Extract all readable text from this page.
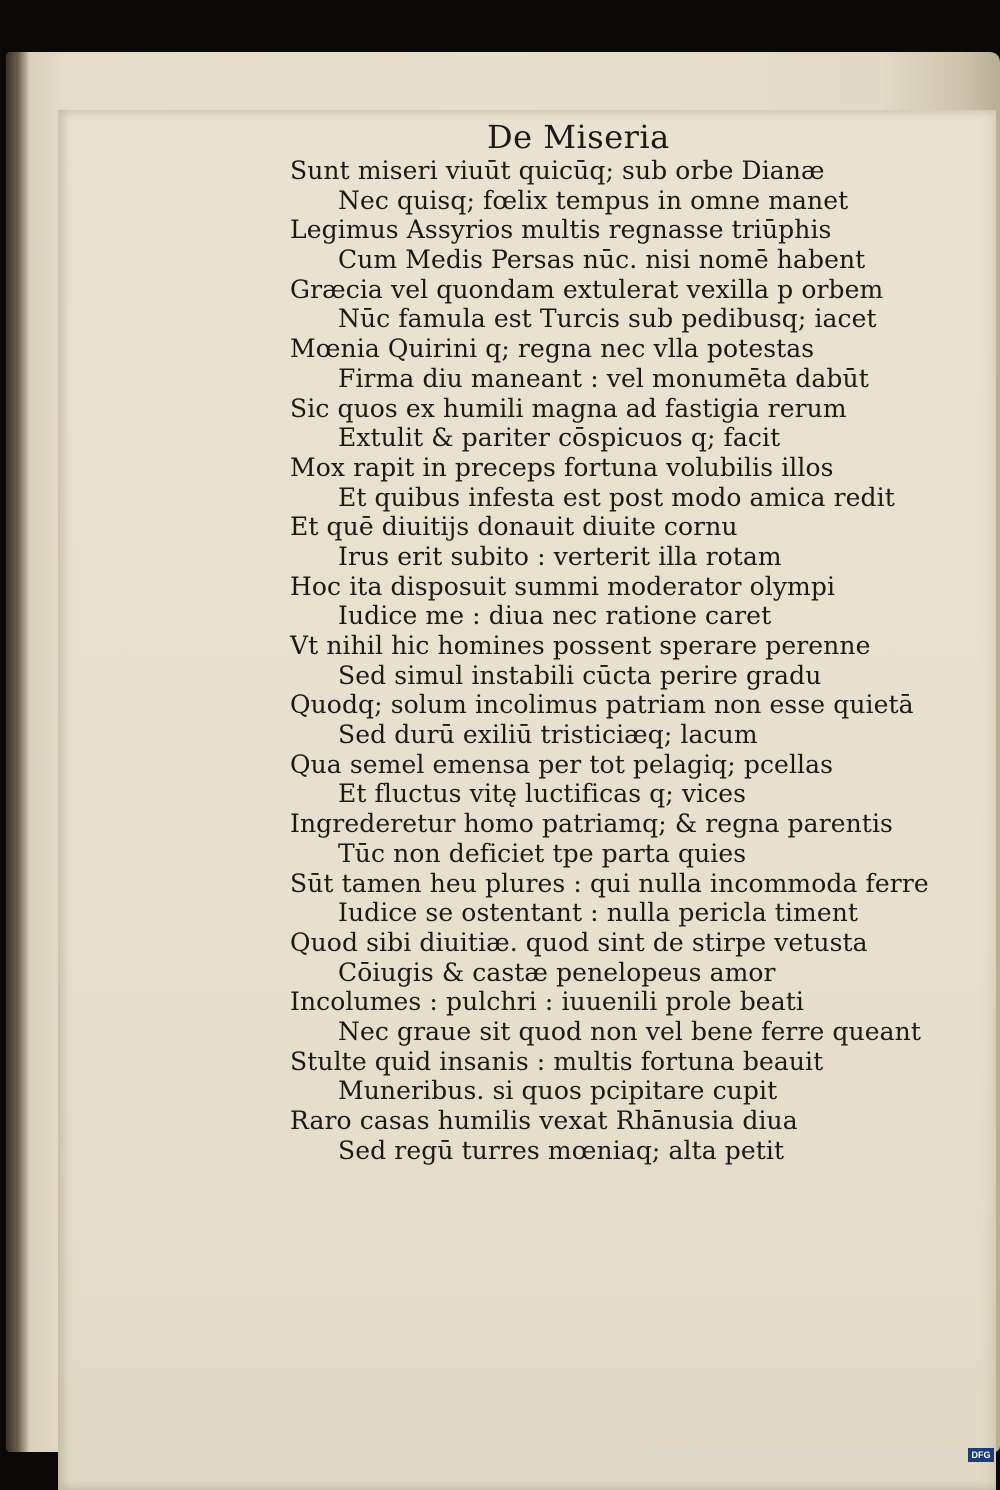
De Miseria
Sunt miseri viuūt quicūq; sub orbe Dianæ
Nec quisq; fœlix tempus in omne manet
Legimus Assyrios multis regnasse triūphis
Cum Medis Persas nūc. nisi nomē habent
Græcia vel quondam extulerat vexilla p orbem
Nūc famula est Turcis sub pedibusq; iacet
Mœnia Quirini q; regna nec vlla potestas
Firma diu maneant : vel monumēta dabūt
Sic quos ex humili magna ad fastigia rerum
Extulit & pariter cōspicuos q; facit
Mox rapit in preceps fortuna volubilis illos
Et quibus infesta est post modo amica redit
Et quē diuitijs donauit diuite cornu
Irus erit subito : verterit illa rotam
Hoc ita disposuit summi moderator olympi
Iudice me : diua nec ratione caret
Vt nihil hic homines possent sperare perenne
Sed simul instabili cūcta perire gradu
Quodq; solum incolimus patriam non esse quietā
Sed durū exiliū tristiciæq; lacum
Qua semel emensa per tot pelagiq; pcellas
Et fluctus vitę luctificas q; vices
Ingrederetur homo patriamq; & regna parentis
Tūc non deficiet tpe parta quies
Sūt tamen heu plures : qui nulla incommoda ferre
Iudice se ostentant : nulla pericla timent
Quod sibi diuitiæ. quod sint de stirpe vetusta
Cōiugis & castæ penelopeus amor
Incolumes : pulchri : iuuenili prole beati
Nec graue sit quod non vel bene ferre queant
Stulte quid insanis : multis fortuna beauit
Muneribus. si quos pcipitare cupit
Raro casas humilis vexat Rhānusia diua
Sed regū turres mœniaq; alta petit
Digitalisierung gefördert durch die Deutsche Forschungsgemeinschaft - DFG
